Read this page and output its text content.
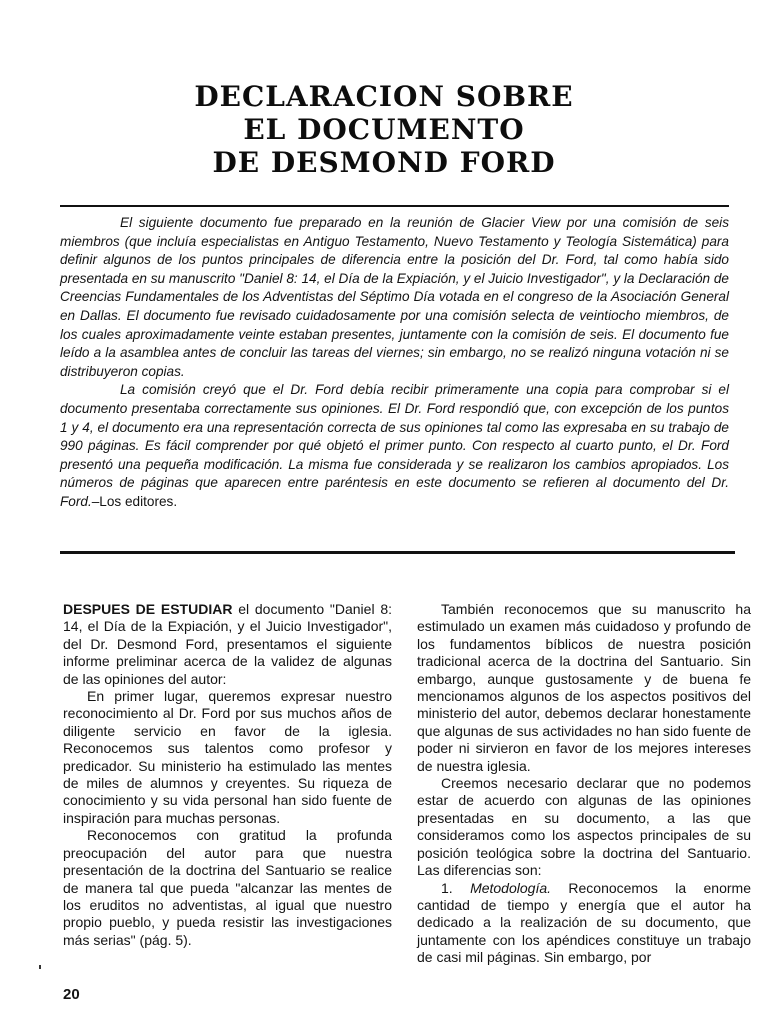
DECLARACION SOBRE
EL DOCUMENTO
DE DESMOND FORD

El siguiente documento fue preparado en la reunión de Glacier View por una comisión de seis miembros (que incluía especialistas en Antiguo Testamento, Nuevo Testamento y Teología Sistemática) para definir algunos de los puntos principales de diferencia entre la posición del Dr. Ford, tal como había sido presentada en su manuscrito "Daniel 8: 14, el Día de la Expiación, y el Juicio Investigador", y la Declaración de Creencias Fundamentales de los Adventistas del Séptimo Día votada en el congreso de la Asociación General en Dallas. El documento fue revisado cuidadosamente por una comisión selecta de veintiocho miembros, de los cuales aproximadamente veinte estaban presentes, juntamente con la comisión de seis. El documento fue leído a la asamblea antes de concluir las tareas del viernes; sin embargo, no se realizó ninguna votación ni se distribuyeron copias.

La comisión creyó que el Dr. Ford debía recibir primeramente una copia para comprobar si el documento presentaba correctamente sus opiniones. El Dr. Ford respondió que, con excepción de los puntos 1 y 4, el documento era una representación correcta de sus opiniones tal como las expresaba en su trabajo de 990 páginas. Es fácil comprender por qué objetó el primer punto. Con respecto al cuarto punto, el Dr. Ford presentó una pequeña modificación. La misma fue considerada y se realizaron los cambios apropiados. Los números de páginas que aparecen entre paréntesis en este documento se refieren al documento del Dr. Ford.–Los editores.

DESPUES DE ESTUDIAR el documento "Daniel 8: 14, el Día de la Expiación, y el Juicio Investigador", del Dr. Desmond Ford, presentamos el siguiente informe preliminar acerca de la validez de algunas de las opiniones del autor:

En primer lugar, queremos expresar nuestro reconocimiento al Dr. Ford por sus muchos años de diligente servicio en favor de la iglesia. Reconocemos sus talentos como profesor y predicador. Su ministerio ha estimulado las mentes de miles de alumnos y creyentes. Su riqueza de conocimiento y su vida personal han sido fuente de inspiración para muchas personas.

Reconocemos con gratitud la profunda preocupación del autor para que nuestra presentación de la doctrina del Santuario se realice de manera tal que pueda "alcanzar las mentes de los eruditos no adventistas, al igual que nuestro propio pueblo, y pueda resistir las investigaciones más serias" (pág. 5).

También reconocemos que su manuscrito ha estimulado un examen más cuidadoso y profundo de los fundamentos bíblicos de nuestra posición tradicional acerca de la doctrina del Santuario. Sin embargo, aunque gustosamente y de buena fe mencionamos algunos de los aspectos positivos del ministerio del autor, debemos declarar honestamente que algunas de sus actividades no han sido fuente de poder ni sirvieron en favor de los mejores intereses de nuestra iglesia.

Creemos necesario declarar que no podemos estar de acuerdo con algunas de las opiniones presentadas en su documento, a las que consideramos como los aspectos principales de su posición teológica sobre la doctrina del Santuario. Las diferencias son:

1. Metodología. Reconocemos la enorme cantidad de tiempo y energía que el autor ha dedicado a la realización de su documento, que juntamente con los apéndices constituye un trabajo de casi mil páginas. Sin embargo, por

20
